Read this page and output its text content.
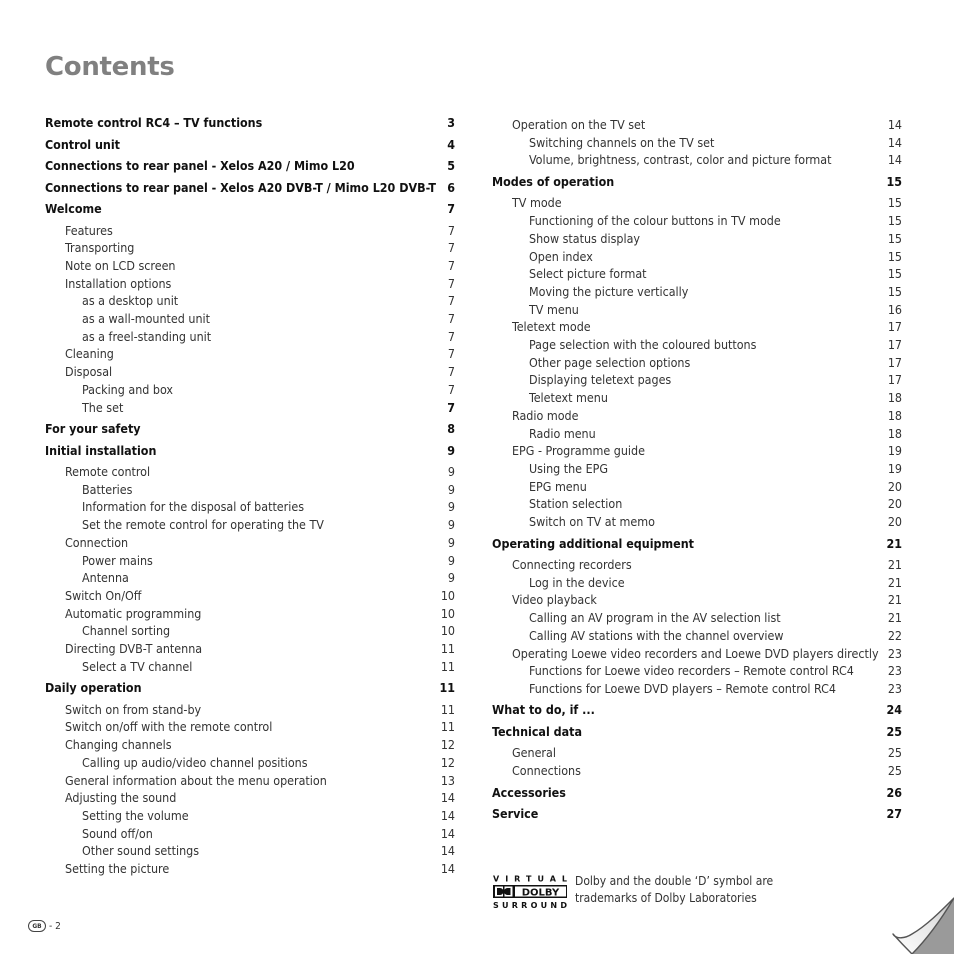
Contents
Remote control RC4 – TV functions	3
Control unit	4
Connections to rear panel - Xelos A20 / Mimo L20	5
Connections to rear panel - Xelos A20 DVB-T / Mimo L20 DVB-T 6
Welcome	7
Features	7
Transporting	7
Note on LCD screen	7
Installation options	7
as a desktop unit	7
as a wall-mounted unit	7
as a freel-standing unit	7
Cleaning	7
Disposal	7
Packing and box	7
The set	7
For your safety	8
Initial installation	9
Remote control	9
Batteries	9
Information for the disposal of batteries	9
Set the remote control for operating the TV	9
Connection	9
Power mains	9
Antenna	9
Switch On/Off	10
Automatic programming	10
Channel sorting	10
Directing DVB-T antenna	11
Select a TV channel	11
Daily operation	11
Switch on from stand-by	11
Switch on/off with the remote control	11
Changing channels	12
Calling up audio/video channel positions	12
General information about the menu operation	13
Adjusting the sound	14
Setting the volume	14
Sound off/on	14
Other sound settings	14
Setting the picture	14
Operation on the TV set	14
Switching channels on the TV set	14
Volume, brightness, contrast, color and picture format	14
Modes of operation	15
TV mode	15
Functioning of the colour buttons in TV mode	15
Show status display	15
Open index	15
Select picture format	15
Moving the picture vertically	15
TV menu	16
Teletext mode	17
Page selection with the coloured buttons	17
Other page selection options	17
Displaying teletext pages	17
Teletext menu	18
Radio mode	18
Radio menu	18
EPG - Programme guide	19
Using the EPG	19
EPG menu	20
Station selection	20
Switch on TV at memo	20
Operating additional equipment	21
Connecting recorders	21
Log in the device	21
Video playback	21
Calling an AV program in the AV selection list	21
Calling AV stations with the channel overview	22
Operating Loewe video recorders and Loewe DVD players directly 23
Functions for Loewe video recorders – Remote control RC4	23
Functions for Loewe DVD players – Remote control RC4	23
What to do, if ...	24
Technical data	25
General	25
Connections	25
Accessories	26
Service	27
VIRTUAL
DOLBY
SURROUND
Dolby and the double ‘D’ symbol are
trademarks of Dolby Laboratories
GB - 2
